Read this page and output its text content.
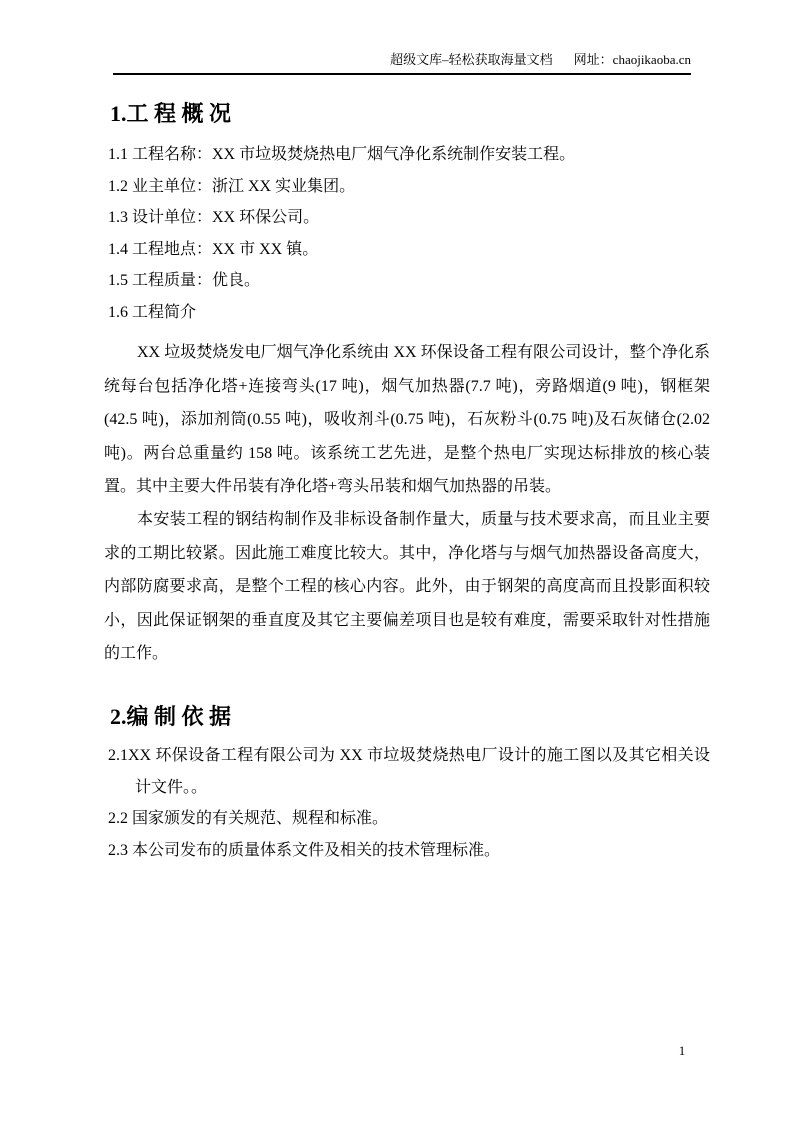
超级文库–轻松获取海量文档 网址：chaojikaoba.cn
1.工 程 概 况
1.1 工程名称：XX 市垃圾焚烧热电厂烟气净化系统制作安装工程。
1.2 业主单位：浙江 XX 实业集团。
1.3 设计单位：XX 环保公司。
1.4 工程地点：XX 市 XX 镇。
1.5 工程质量：优良。
1.6 工程简介

XX 垃圾焚烧发电厂烟气净化系统由 XX 环保设备工程有限公司设计，整个净化系统每台包括净化塔+连接弯头(17 吨)，烟气加热器(7.7 吨)，旁路烟道(9 吨)，钢框架(42.5 吨)，添加剂筒(0.55 吨)，吸收剂斗(0.75 吨)，石灰粉斗(0.75 吨)及石灰储仓(2.02 吨)。两台总重量约 158 吨。该系统工艺先进，是整个热电厂实现达标排放的核心装置。其中主要大件吊装有净化塔+弯头吊装和烟气加热器的吊装。

本安装工程的钢结构制作及非标设备制作量大，质量与技术要求高，而且业主要求的工期比较紧。因此施工难度比较大。其中，净化塔与与烟气加热器设备高度大，内部防腐要求高，是整个工程的核心内容。此外，由于钢架的高度高而且投影面积较小，因此保证钢架的垂直度及其它主要偏差项目也是较有难度，需要采取针对性措施的工作。

2.编 制 依 据
2.1XX 环保设备工程有限公司为 XX 市垃圾焚烧热电厂设计的施工图以及其它相关设计文件。。
2.2 国家颁发的有关规范、规程和标准。
2.3 本公司发布的质量体系文件及相关的技术管理标准。
1
